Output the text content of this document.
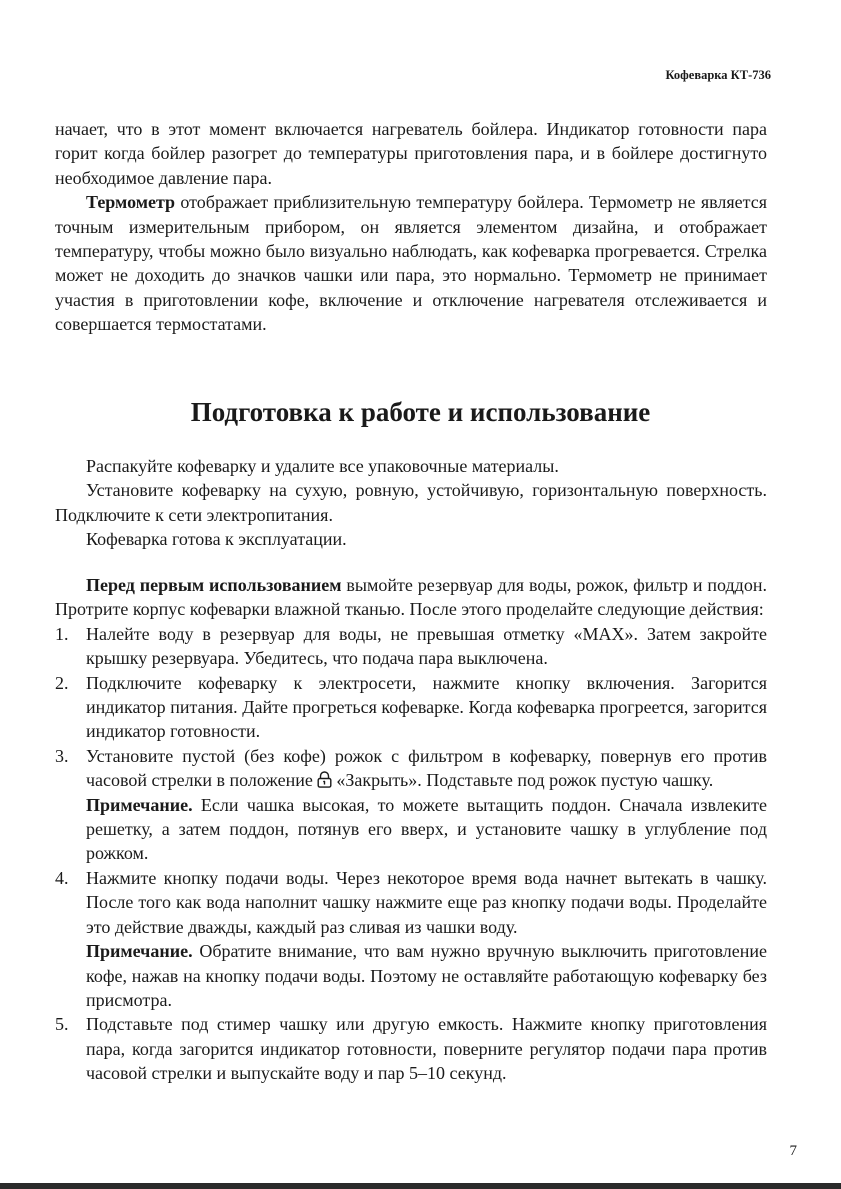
Кофеварка КТ-736

начает, что в этот момент включается нагреватель бойлера. Индикатор готовности пара горит когда бойлер разогрет до температуры приготовления пара, и в бойлере достигнуто необходимое давление пара.

Термометр отображает приблизительную температуру бойлера. Термометр не является точным измерительным прибором, он является элементом дизайна, и отображает температуру, чтобы можно было визуально наблюдать, как кофеварка прогревается. Стрелка может не доходить до значков чашки или пара, это нормально. Термометр не принимает участия в приготовлении кофе, включение и отключение нагревателя отслеживается и совершается термостатами.

Подготовка к работе и использование

Распакуйте кофеварку и удалите все упаковочные материалы.

Установите кофеварку на сухую, ровную, устойчивую, горизонтальную поверхность. Подключите к сети электропитания.

Кофеварка готова к эксплуатации.

Перед первым использованием вымойте резервуар для воды, рожок, фильтр и поддон. Протрите корпус кофеварки влажной тканью. После этого проделайте следующие действия:

1. Налейте воду в резервуар для воды, не превышая отметку «MAX». Затем закройте крышку резервуара. Убедитесь, что подача пара выключена.

2. Подключите кофеварку к электросети, нажмите кнопку включения. Загорится индикатор питания. Дайте прогреться кофеварке. Когда кофеварка прогреется, загорится индикатор готовности.

3. Установите пустой (без кофе) рожок с фильтром в кофеварку, повернув его против часовой стрелки в положение «Закрыть». Подставьте под рожок пустую чашку.

Примечание. Если чашка высокая, то можете вытащить поддон. Сначала извлеките решетку, а затем поддон, потянув его вверх, и установите чашку в углубление под рожком.

4. Нажмите кнопку подачи воды. Через некоторое время вода начнет вытекать в чашку. После того как вода наполнит чашку нажмите еще раз кнопку подачи воды. Проделайте это действие дважды, каждый раз сливая из чашки воду.

Примечание. Обратите внимание, что вам нужно вручную выключить приготовление кофе, нажав на кнопку подачи воды. Поэтому не оставляйте работающую кофеварку без присмотра.

5. Подставьте под стимер чашку или другую емкость. Нажмите кнопку приготовления пара, когда загорится индикатор готовности, поверните регулятор подачи пара против часовой стрелки и выпускайте воду и пар 5–10 секунд.

7
